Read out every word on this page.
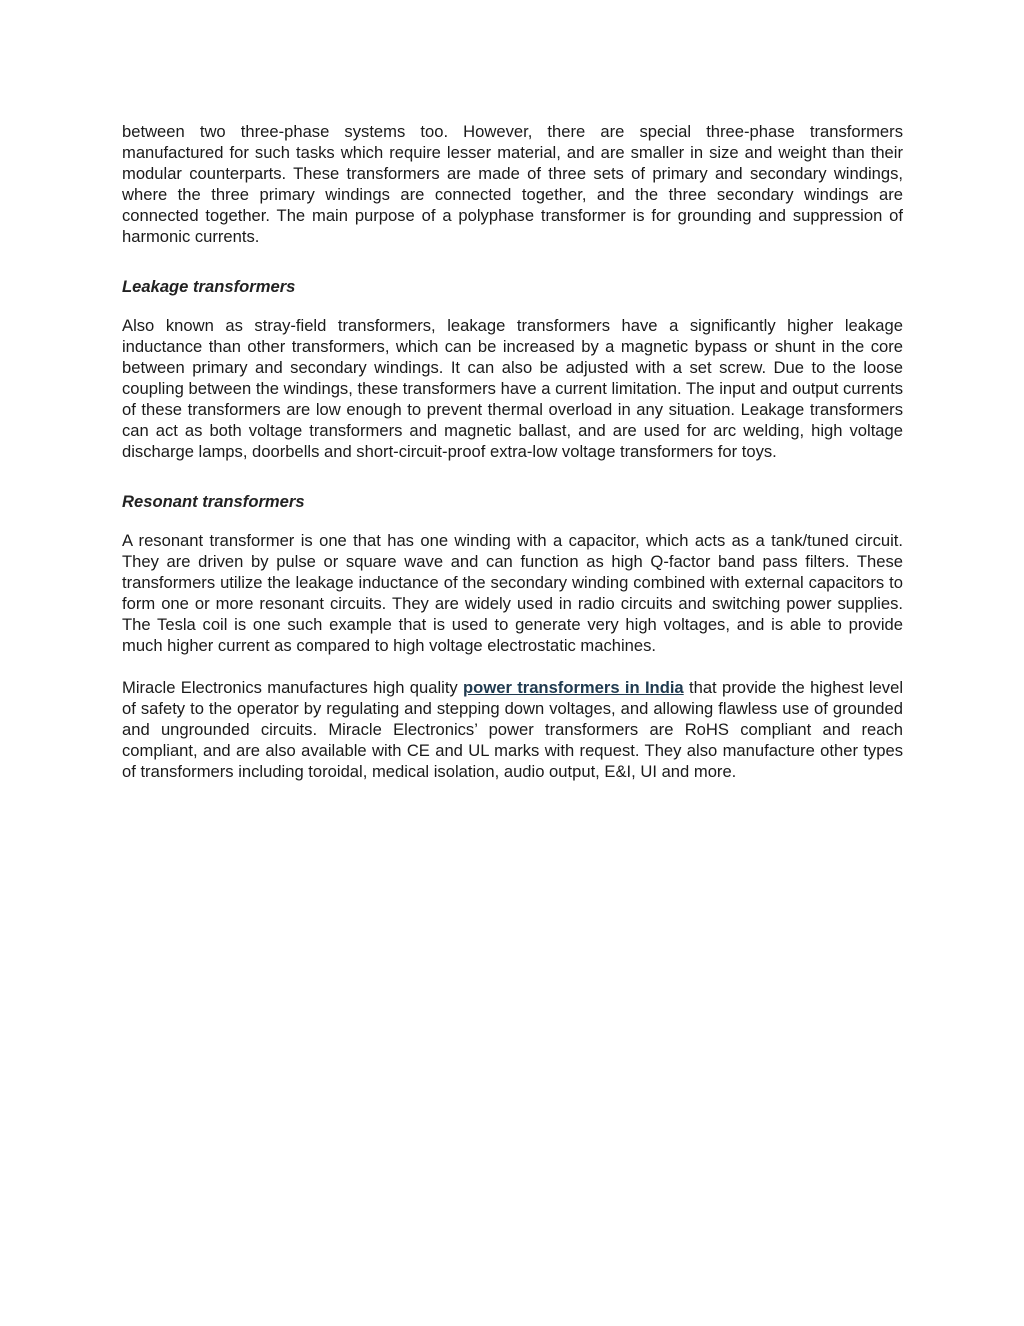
between two three-phase systems too. However, there are special three-phase transformers manufactured for such tasks which require lesser material, and are smaller in size and weight than their modular counterparts. These transformers are made of three sets of primary and secondary windings, where the three primary windings are connected together, and the three secondary windings are connected together. The main purpose of a polyphase transformer is for grounding and suppression of harmonic currents.

Leakage transformers

Also known as stray-field transformers, leakage transformers have a significantly higher leakage inductance than other transformers, which can be increased by a magnetic bypass or shunt in the core between primary and secondary windings. It can also be adjusted with a set screw. Due to the loose coupling between the windings, these transformers have a current limitation. The input and output currents of these transformers are low enough to prevent thermal overload in any situation. Leakage transformers can act as both voltage transformers and magnetic ballast, and are used for arc welding, high voltage discharge lamps, doorbells and short-circuit-proof extra-low voltage transformers for toys.

Resonant transformers

A resonant transformer is one that has one winding with a capacitor, which acts as a tank/tuned circuit. They are driven by pulse or square wave and can function as high Q-factor band pass filters. These transformers utilize the leakage inductance of the secondary winding combined with external capacitors to form one or more resonant circuits. They are widely used in radio circuits and switching power supplies. The Tesla coil is one such example that is used to generate very high voltages, and is able to provide much higher current as compared to high voltage electrostatic machines.

Miracle Electronics manufactures high quality power transformers in India that provide the highest level of safety to the operator by regulating and stepping down voltages, and allowing flawless use of grounded and ungrounded circuits. Miracle Electronics’ power transformers are RoHS compliant and reach compliant, and are also available with CE and UL marks with request. They also manufacture other types of transformers including toroidal, medical isolation, audio output, E&I, UI and more.
